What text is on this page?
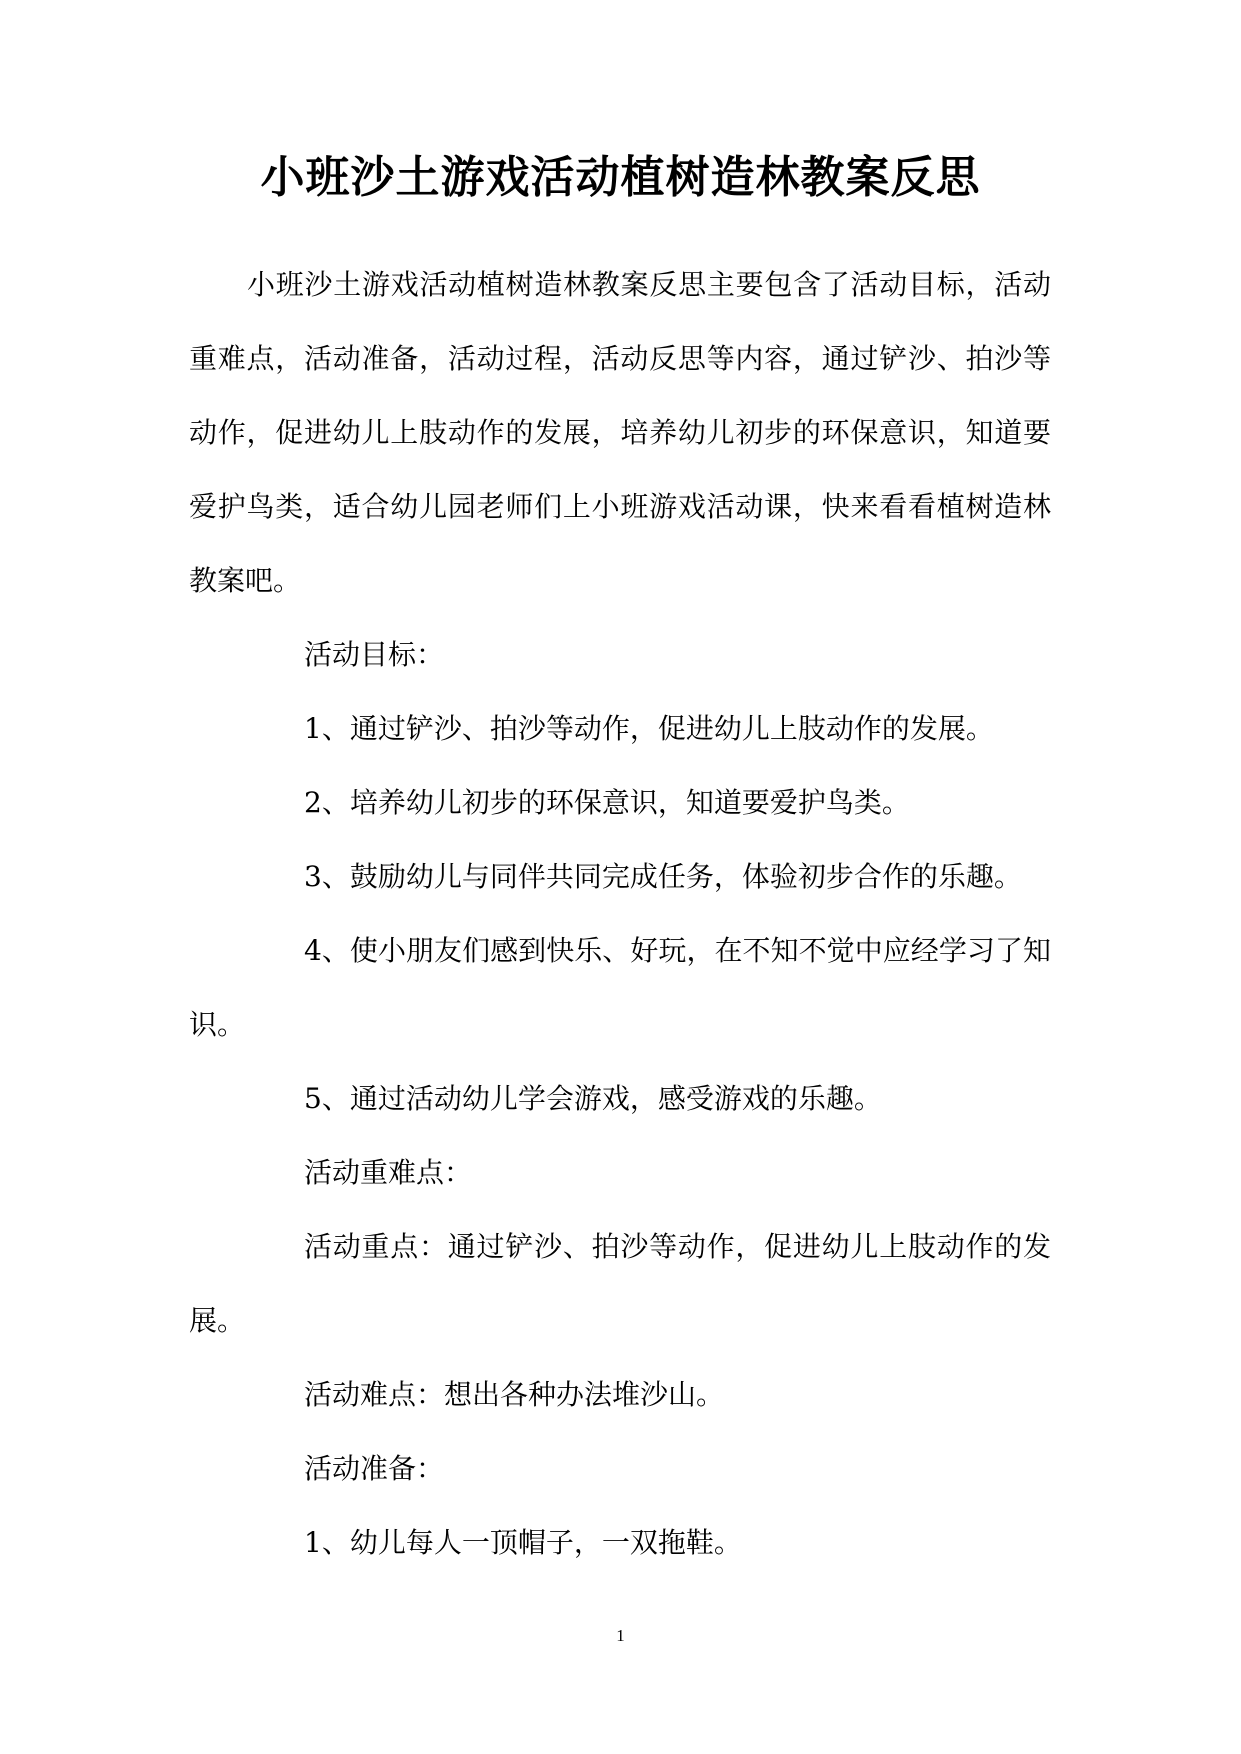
小班沙土游戏活动植树造林教案反思

小班沙土游戏活动植树造林教案反思主要包含了活动目标，活动重难点，活动准备，活动过程，活动反思等内容，通过铲沙、拍沙等动作，促进幼儿上肢动作的发展，培养幼儿初步的环保意识，知道要爱护鸟类，适合幼儿园老师们上小班游戏活动课，快来看看植树造林教案吧。

活动目标：

1、通过铲沙、拍沙等动作，促进幼儿上肢动作的发展。

2、培养幼儿初步的环保意识，知道要爱护鸟类。

3、鼓励幼儿与同伴共同完成任务，体验初步合作的乐趣。

4、使小朋友们感到快乐、好玩，在不知不觉中应经学习了知识。

5、通过活动幼儿学会游戏，感受游戏的乐趣。

活动重难点：

活动重点：通过铲沙、拍沙等动作，促进幼儿上肢动作的发展。

活动难点：想出各种办法堆沙山。

活动准备：

1、幼儿每人一顶帽子，一双拖鞋。

1
